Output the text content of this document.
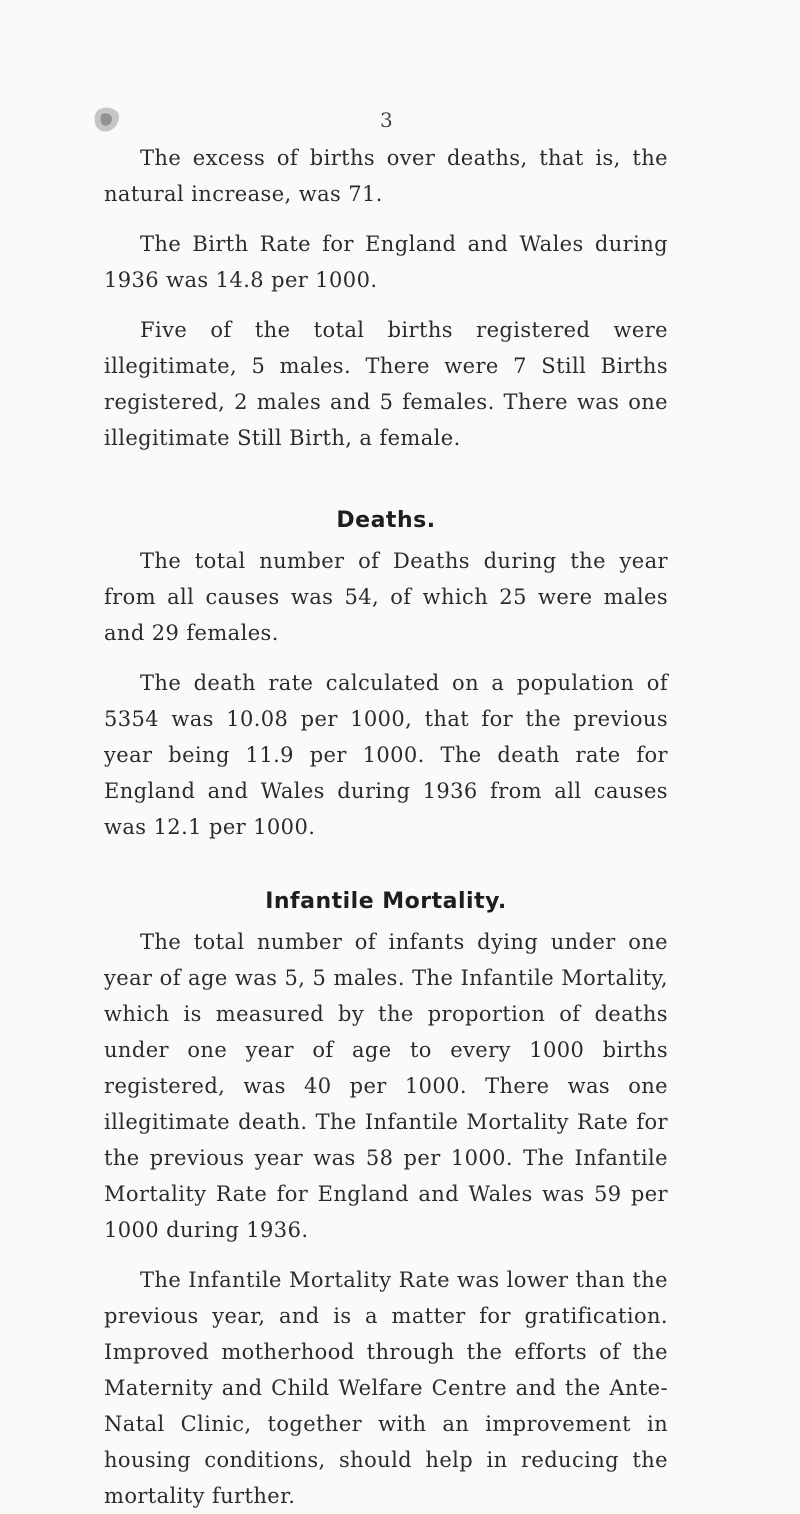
3

The excess of births over deaths, that is, the natural increase, was 71.

The Birth Rate for England and Wales during 1936 was 14.8 per 1000.

Five of the total births registered were illegitimate, 5 males. There were 7 Still Births registered, 2 males and 5 females. There was one illegitimate Still Birth, a female.

Deaths.

The total number of Deaths during the year from all causes was 54, of which 25 were males and 29 females.

The death rate calculated on a population of 5354 was 10.08 per 1000, that for the previous year being 11.9 per 1000. The death rate for England and Wales during 1936 from all causes was 12.1 per 1000.

Infantile Mortality.

The total number of infants dying under one year of age was 5, 5 males. The Infantile Mortality, which is measured by the proportion of deaths under one year of age to every 1000 births registered, was 40 per 1000. There was one illegitimate death. The Infantile Mortality Rate for the previous year was 58 per 1000. The Infantile Mortality Rate for England and Wales was 59 per 1000 during 1936.

The Infantile Mortality Rate was lower than the previous year, and is a matter for gratification. Improved motherhood through the efforts of the Maternity and Child Welfare Centre and the Ante-Natal Clinic, together with an improvement in housing conditions, should help in reducing the mortality further.
